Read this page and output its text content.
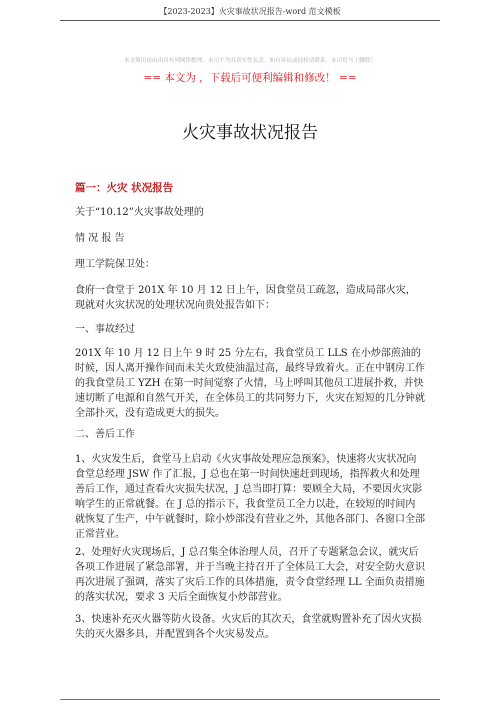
【2023-2023】火灾事故状况报告-word 范文模板
本文简历由由由具有列网络整理，本司不为其真实性负责，如有异议或侵权请联系，本司将马上删除！
== 本文为 ，下载后可便利编辑和修改！ ==
火灾事故状况报告
篇一：火灾 状况报告
关于“10.12”火灾事故处理的
情 况 报 告
理工学院保卫处：
食府一食堂于 201X 年 10 月 12 日上午，因食堂员工疏忽，造成局部火灾，现就对火灾状况的处理状况向贵处报告如下：
一、事故经过
201X 年 10 月 12 日上午 9 时 25 分左右，我食堂员工 LLS 在小炒部煎油的时候，因人离开操作间而未关火致使油温过高，最终导致着火。正在中钢房工作的我食堂员工 YZH 在第一时间觉察了火情，马上呼叫其他员工进展扑救，并快速切断了电源和自然气开关，在全体员工的共同努力下，火灾在短短的几分钟就全部扑灭，没有造成更大的损失。
二、善后工作
1、火灾发生后，食堂马上启动《火灾事故处理应急预案》，快速将火灾状况向食堂总经理 JSW 作了汇报，J 总也在第一时间快速赶到现场，指挥救火和处理善后工作，通过查看火灾损失状况，J 总当即打算：要顾全大局，不要因火灾影响学生的正常就餐。在 J 总的指示下，我食堂员工全力以赴，在较短的时间内就恢复了生产，中午就餐时，除小炒部没有营业之外，其他各部门、各窗口全部正常营业。
2、处理好火灾现场后，J 总召集全体治理人员，召开了专题紧急会议，就灾后各项工作进展了紧急部署，并于当晚主持召开了全体员工大会，对安全防火意识再次进展了强调，落实了灾后工作的具体措施，责令食堂经理 LL 全面负责措施的落实状况，要求 3 天后全面恢复小炒部营业。
3、快速补充灭火器等防火设备。火灾后的其次天，食堂就购置补充了因火灾损失的灭火器多具，并配置到各个火灾易发点。
